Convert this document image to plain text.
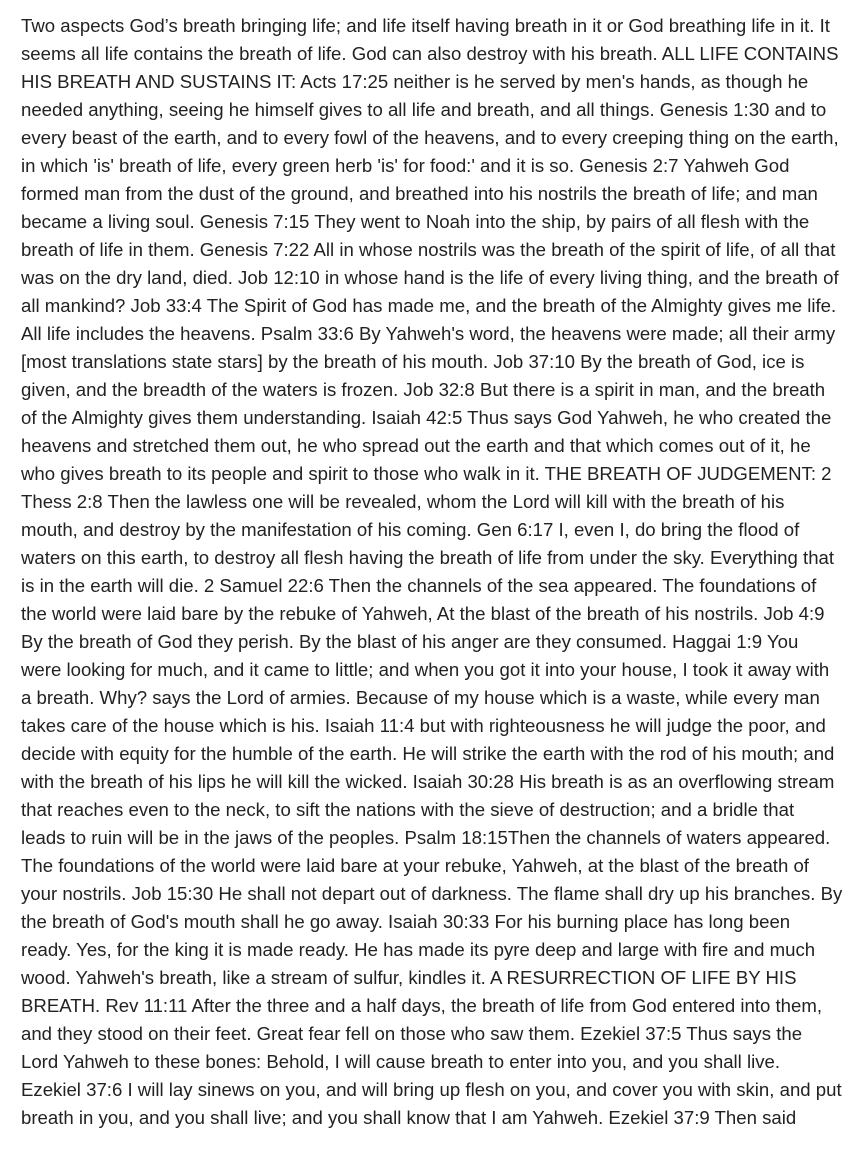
Two aspects God’s breath bringing life; and life itself having breath in it or God breathing life in it. It seems all life contains the breath of life. God can also destroy with his breath. ALL LIFE CONTAINS HIS BREATH AND SUSTAINS IT: Acts 17:25 neither is he served by men's hands, as though he needed anything, seeing he himself gives to all life and breath, and all things. Genesis 1:30 and to every beast of the earth, and to every fowl of the heavens, and to every creeping thing on the earth, in which 'is' breath of life, every green herb 'is' for food:' and it is so. Genesis 2:7 Yahweh God formed man from the dust of the ground, and breathed into his nostrils the breath of life; and man became a living soul. Genesis 7:15 They went to Noah into the ship, by pairs of all flesh with the breath of life in them. Genesis 7:22 All in whose nostrils was the breath of the spirit of life, of all that was on the dry land, died. Job 12:10 in whose hand is the life of every living thing, and the breath of all mankind? Job 33:4 The Spirit of God has made me, and the breath of the Almighty gives me life. All life includes the heavens. Psalm 33:6 By Yahweh's word, the heavens were made; all their army [most translations state stars] by the breath of his mouth. Job 37:10 By the breath of God, ice is given, and the breadth of the waters is frozen. Job 32:8 But there is a spirit in man, and the breath of the Almighty gives them understanding. Isaiah 42:5 Thus says God Yahweh, he who created the heavens and stretched them out, he who spread out the earth and that which comes out of it, he who gives breath to its people and spirit to those who walk in it. THE BREATH OF JUDGEMENT: 2 Thess 2:8 Then the lawless one will be revealed, whom the Lord will kill with the breath of his mouth, and destroy by the manifestation of his coming. Gen 6:17 I, even I, do bring the flood of waters on this earth, to destroy all flesh having the breath of life from under the sky. Everything that is in the earth will die. 2 Samuel 22:6 Then the channels of the sea appeared. The foundations of the world were laid bare by the rebuke of Yahweh, At the blast of the breath of his nostrils. Job 4:9 By the breath of God they perish. By the blast of his anger are they consumed. Haggai 1:9 You were looking for much, and it came to little; and when you got it into your house, I took it away with a breath. Why? says the Lord of armies. Because of my house which is a waste, while every man takes care of the house which is his. Isaiah 11:4 but with righteousness he will judge the poor, and decide with equity for the humble of the earth. He will strike the earth with the rod of his mouth; and with the breath of his lips he will kill the wicked. Isaiah 30:28 His breath is as an overflowing stream that reaches even to the neck, to sift the nations with the sieve of destruction; and a bridle that leads to ruin will be in the jaws of the peoples. Psalm 18:15Then the channels of waters appeared. The foundations of the world were laid bare at your rebuke, Yahweh, at the blast of the breath of your nostrils. Job 15:30 He shall not depart out of darkness. The flame shall dry up his branches. By the breath of God's mouth shall he go away. Isaiah 30:33 For his burning place has long been ready. Yes, for the king it is made ready. He has made its pyre deep and large with fire and much wood. Yahweh's breath, like a stream of sulfur, kindles it. A RESURRECTION OF LIFE BY HIS BREATH. Rev 11:11 After the three and a half days, the breath of life from God entered into them, and they stood on their feet. Great fear fell on those who saw them. Ezekiel 37:5 Thus says the Lord Yahweh to these bones: Behold, I will cause breath to enter into you, and you shall live. Ezekiel 37:6 I will lay sinews on you, and will bring up flesh on you, and cover you with skin, and put breath in you, and you shall live; and you shall know that I am Yahweh. Ezekiel 37:9 Then said
